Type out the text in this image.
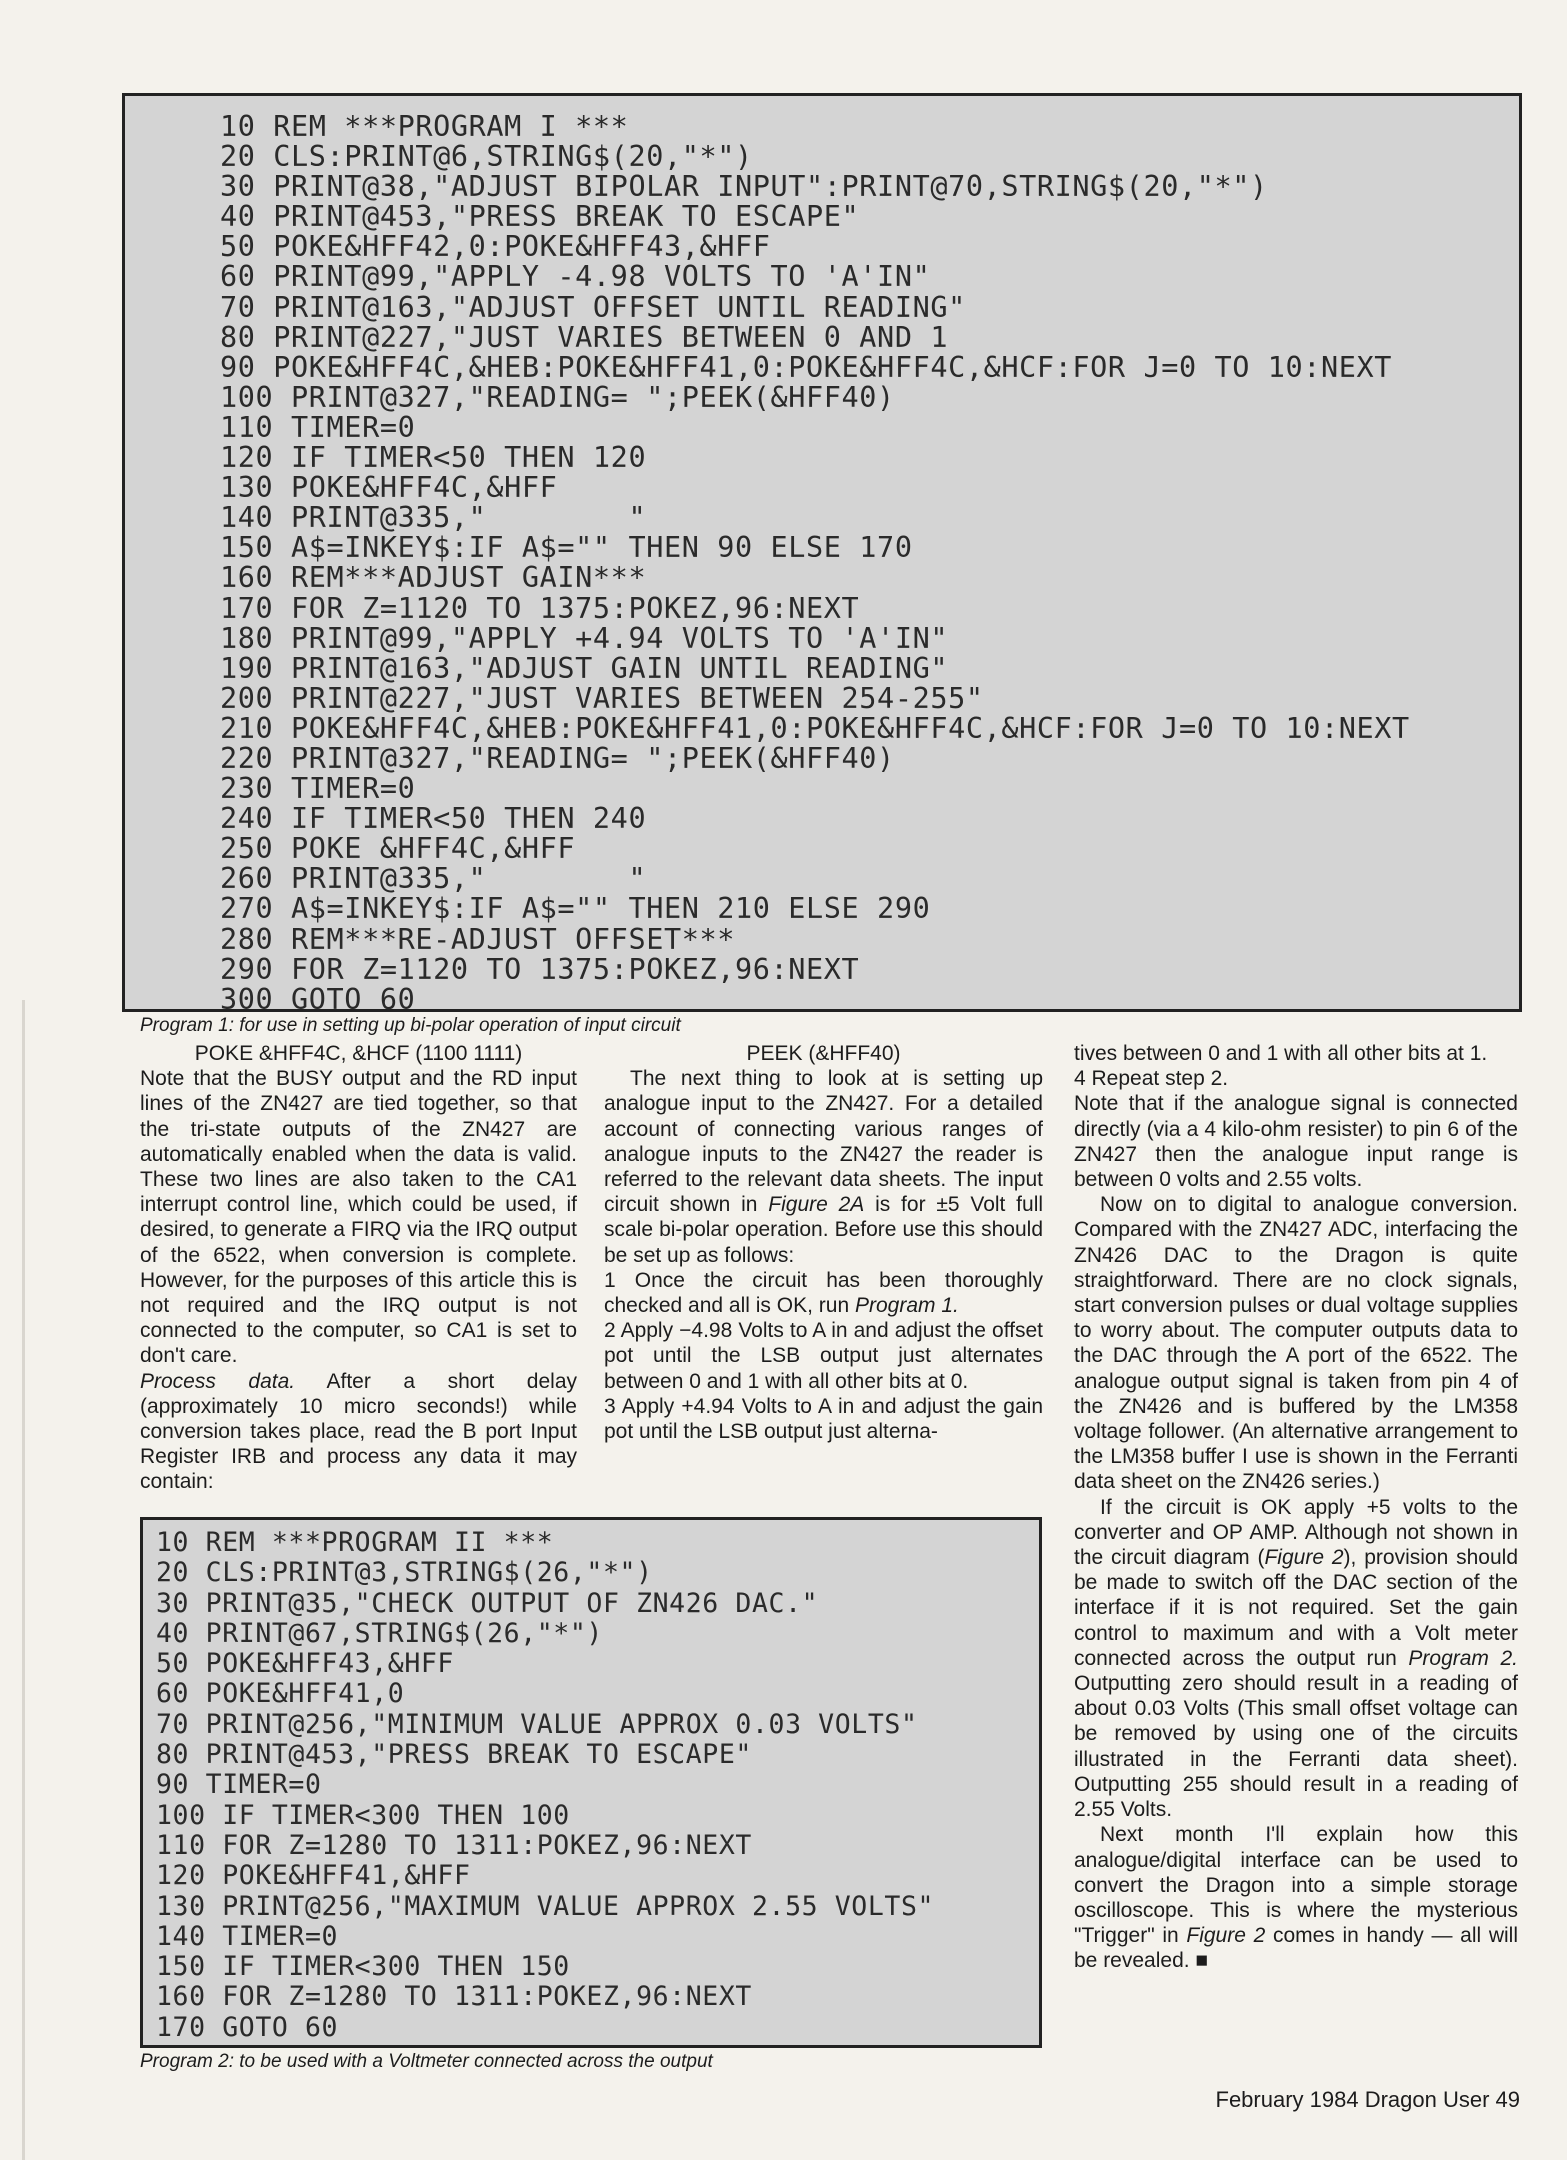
10 REM ***PROGRAM I ***
20 CLS:PRINT@6,STRING$(20,"*")
30 PRINT@38,"ADJUST BIPOLAR INPUT":PRINT@70,STRING$(20,"*")
40 PRINT@453,"PRESS BREAK TO ESCAPE"
50 POKE&HFF42,0:POKE&HFF43,&HFF
60 PRINT@99,"APPLY -4.98 VOLTS TO 'A'IN"
70 PRINT@163,"ADJUST OFFSET UNTIL READING"
80 PRINT@227,"JUST VARIES BETWEEN 0 AND 1
90 POKE&HFF4C,&HEB:POKE&HFF41,0:POKE&HFF4C,&HCF:FOR J=0 TO 10:NEXT
100 PRINT@327,"READING= ";PEEK(&HFF40)
110 TIMER=0
120 IF TIMER<50 THEN 120
130 POKE&HFF4C,&HFF
140 PRINT@335,"        "
150 A$=INKEY$:IF A$="" THEN 90 ELSE 170
160 REM***ADJUST GAIN***
170 FOR Z=1120 TO 1375:POKEZ,96:NEXT
180 PRINT@99,"APPLY +4.94 VOLTS TO 'A'IN"
190 PRINT@163,"ADJUST GAIN UNTIL READING"
200 PRINT@227,"JUST VARIES BETWEEN 254-255"
210 POKE&HFF4C,&HEB:POKE&HFF41,0:POKE&HFF4C,&HCF:FOR J=0 TO 10:NEXT
220 PRINT@327,"READING= ";PEEK(&HFF40)
230 TIMER=0
240 IF TIMER<50 THEN 240
250 POKE &HFF4C,&HFF
260 PRINT@335,"        "
270 A$=INKEY$:IF A$="" THEN 210 ELSE 290
280 REM***RE-ADJUST OFFSET***
290 FOR Z=1120 TO 1375:POKEZ,96:NEXT
300 GOTO 60
Program 1: for use in setting up bi-polar operation of input circuit

POKE &HFF4C, &HCF (1100 1111)

Note that the BUSY output and the RD input lines of the ZN427 are tied together, so that the tri-state outputs of the ZN427 are automatically enabled when the data is valid. These two lines are also taken to the CA1 interrupt control line, which could be used, if desired, to generate a FIRQ via the IRQ output of the 6522, when conversion is complete. However, for the purposes of this article this is not required and the IRQ output is not connected to the computer, so CA1 is set to don't care.

Process data. After a short delay (approximately 10 micro seconds!) while conversion takes place, read the B port Input Register IRB and process any data it may contain:

PEEK (&HFF40)

The next thing to look at is setting up analogue input to the ZN427. For a detailed account of connecting various ranges of analogue inputs to the ZN427 the reader is referred to the relevant data sheets. The input circuit shown in Figure 2A is for ±5 Volt full scale bi-polar operation. Before use this should be set up as follows:

1 Once the circuit has been thoroughly checked and all is OK, run Program 1.

2 Apply −4.98 Volts to A in and adjust the offset pot until the LSB output just alternates between 0 and 1 with all other bits at 0.

3 Apply +4.94 Volts to A in and adjust the gain pot until the LSB output just alterna-

tives between 0 and 1 with all other bits at 1.

4 Repeat step 2.

Note that if the analogue signal is connected directly (via a 4 kilo-ohm resister) to pin 6 of the ZN427 then the analogue input range is between 0 volts and 2.55 volts.

Now on to digital to analogue conversion. Compared with the ZN427 ADC, interfacing the ZN426 DAC to the Dragon is quite straightforward. There are no clock signals, start conversion pulses or dual voltage supplies to worry about. The computer outputs data to the DAC through the A port of the 6522. The analogue output signal is taken from pin 4 of the ZN426 and is buffered by the LM358 voltage follower. (An alternative arrangement to the LM358 buffer I use is shown in the Ferranti data sheet on the ZN426 series.)

If the circuit is OK apply +5 volts to the converter and OP AMP. Although not shown in the circuit diagram (Figure 2), provision should be made to switch off the DAC section of the interface if it is not required. Set the gain control to maximum and with a Volt meter connected across the output run Program 2. Outputting zero should result in a reading of about 0.03 Volts (This small offset voltage can be removed by using one of the circuits illustrated in the Ferranti data sheet). Outputting 255 should result in a reading of 2.55 Volts.

Next month I'll explain how this analogue/digital interface can be used to convert the Dragon into a simple storage oscilloscope. This is where the mysterious "Trigger" in Figure 2 comes in handy — all will be revealed. ■

10 REM ***PROGRAM II ***
20 CLS:PRINT@3,STRING$(26,"*")
30 PRINT@35,"CHECK OUTPUT OF ZN426 DAC."
40 PRINT@67,STRING$(26,"*")
50 POKE&HFF43,&HFF
60 POKE&HFF41,0
70 PRINT@256,"MINIMUM VALUE APPROX 0.03 VOLTS"
80 PRINT@453,"PRESS BREAK TO ESCAPE"
90 TIMER=0
100 IF TIMER<300 THEN 100
110 FOR Z=1280 TO 1311:POKEZ,96:NEXT
120 POKE&HFF41,&HFF
130 PRINT@256,"MAXIMUM VALUE APPROX 2.55 VOLTS"
140 TIMER=0
150 IF TIMER<300 THEN 150
160 FOR Z=1280 TO 1311:POKEZ,96:NEXT
170 GOTO 60
Program 2: to be used with a Voltmeter connected across the output
February 1984 Dragon User 49
